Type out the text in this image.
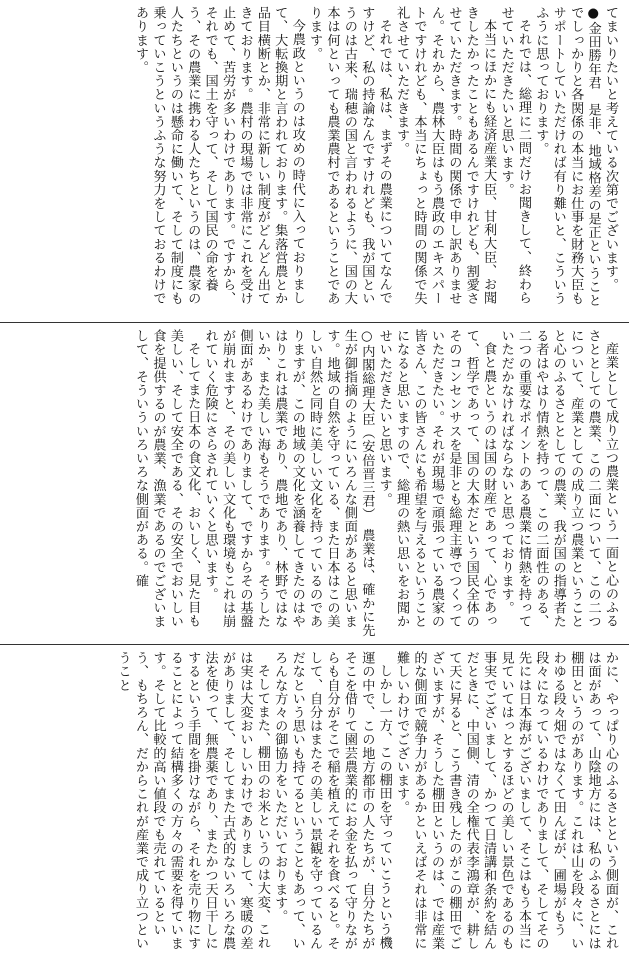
てまいりたいと考えている次第でございます。

●金田勝年君　是非、地域格差の是正ということでしっかりと各関係の本当にお仕事を財務大臣もサポートしていただければ有り難いと、こういうふうに思っております。

それでは、総理に二問だけお聞きして、終わらせていただきたいと思います。

本当にほかにも経済産業大臣、甘利大臣、お聞きしたかったこともあるんですけれども、割愛させていただきます。時間の関係で申し訳ありません。それから、農林大臣はもう農政のエキスパートですけれども、本当にちょっと時間の関係で失礼させていただきます。

それでは、私は、まずその農業についてなんですけど、私の持論なんですけれども、我が国というのは古来、瑞穂の国と言われるように、国の大本は何といっても農業農村であるということであります。

今農政というのは攻めの時代に入っておりまして、大転換期と言われております。集落営農とか品目横断とか、非常に新しい制度がどんどん出てきております。農村の現場では非常にこれを受け止めて、苦労が多いわけであります。ですから、それでも、国土を守って、そして国民の命を養う、その農業に携わる人たちというのは、農家の人たちというのは懸命に働いて、そして制度にも乗っていこうというふうな努力をしておるわけであります。

産業として成り立つ農業という一面と心のふるさととしての農業、この二面について、この二つについて、産業としての成り立つ農業ということと心のふるさととしての農業、我が国の指導者たる者はやはり情熱を持って、この二面性のある、二つの重要なポイントのある農業に情熱を持っていただかなければならないと思っております。

食と農というのは国の財産であって、心であって、哲学であって、国の大本だという国民全体のそのコンセンサスを是非とも総理主導でつくっていただきたい。それが現場で頑張っている農家の皆さん、この皆さんにも希望を与えるということになると思いますので、総理の熱い思いをお聞かせいただきたいと思います。

○内閣総理大臣（安倍晋三君）　農業は、確かに先生が御指摘のようにいろんな側面があると思います。地域の自然を守っている、また日本はこの美しい自然と同時に美しい文化を持っているのでありますが、この地域の文化を涵養してきたのはやはりこれは農業であり、農地であり、林野ではないか、また美しい海もそうであります。そうした側面があるわけでありまして、ですからその基盤が崩れますと、その美しい文化も環境もこれは崩れていく危険にさらされていくと思います。

そしてまた日本の食文化、おいしく、見た目も美しい、そして安全である、その安全でおいしい食を提供するのが農業、漁業であるのでございまして、そういういろいろな側面がある。確

かに、やっぱり心のふるさとという側面が、これは面があって、山陰地方には、私のふるさとには棚田というのがあります。これは山を段々に、いわゆる段々畑ではなくて田んぼが、圃場がもう段々になっているわけでありまして、そしてその先には日本海がございまして、そこはもう本当に見ていてはっとするほどの美しい景色であるのも事実でございまして、かつて日清講和条約を結んだときに、中国側、清の全権代表李鴻章が、耕して天に昇ると、こう書き残したのがこの棚田でございますが、そうした棚田というのは、では産業的な側面で競争力があるかといえばそれは非常に難しいわけでございます。

しかし一方、この棚田を守っていこうという機運の中で、この地方都市の人たちが、自分たちがそこを借りて園芸農業的にお金を払って守りながらも自分がそこで稲を植えてそれを食べると。そして、自分はまたその美しい景観を守っているんだなという思いも持てるということもあって、いろんな方々の御協力をいただいております。

そしてまた、棚田のお米というのは大変、これは実は大変おいしいわけでありまして、寒暖の差がありまして、そしてまた古式的ないろいろな農法を使って、無農薬であり、またかつ天日干しにするという手間を掛けながら、それを売り物にすることによって結構多くの方々の需要を得ています。そして比較的高い値段でも売れているという、もちろん、だからこれが産業で成り立つということ
